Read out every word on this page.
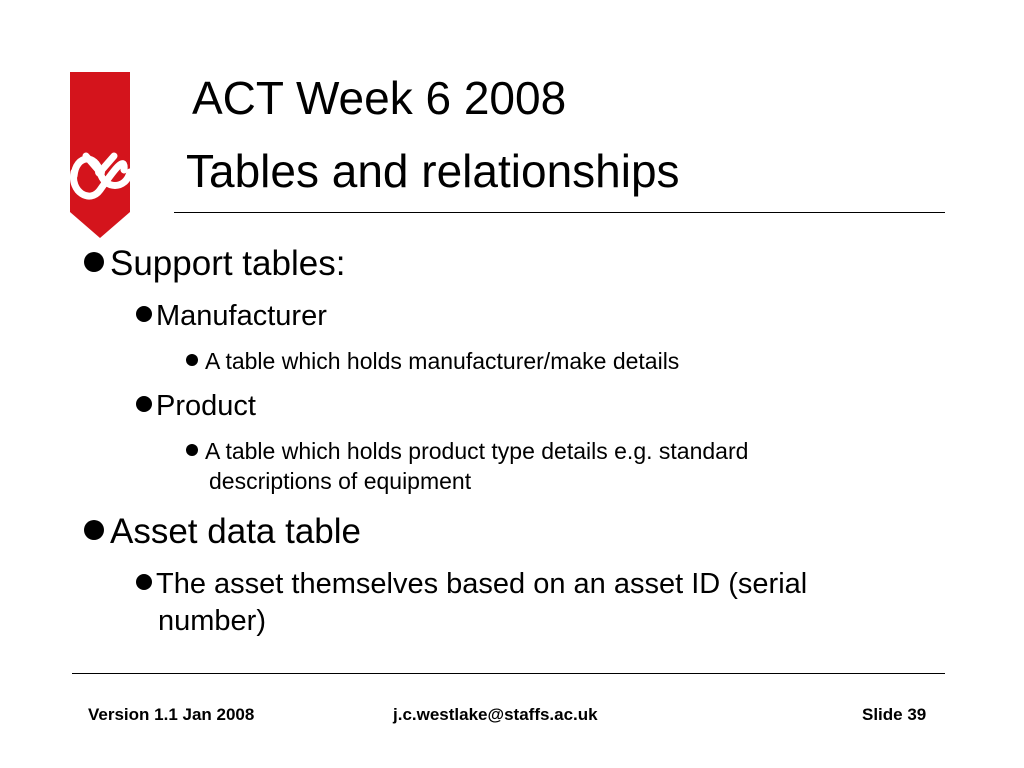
ACT Week 6 2008
Tables and relationships
Support tables:
Manufacturer
A table which holds manufacturer/make details
Product
A table which holds product type details e.g. standard
descriptions of equipment
Asset data table
The asset themselves based on an asset ID (serial
number)
Version 1.1 Jan 2008	j.c.westlake@staffs.ac.uk	Slide 39
